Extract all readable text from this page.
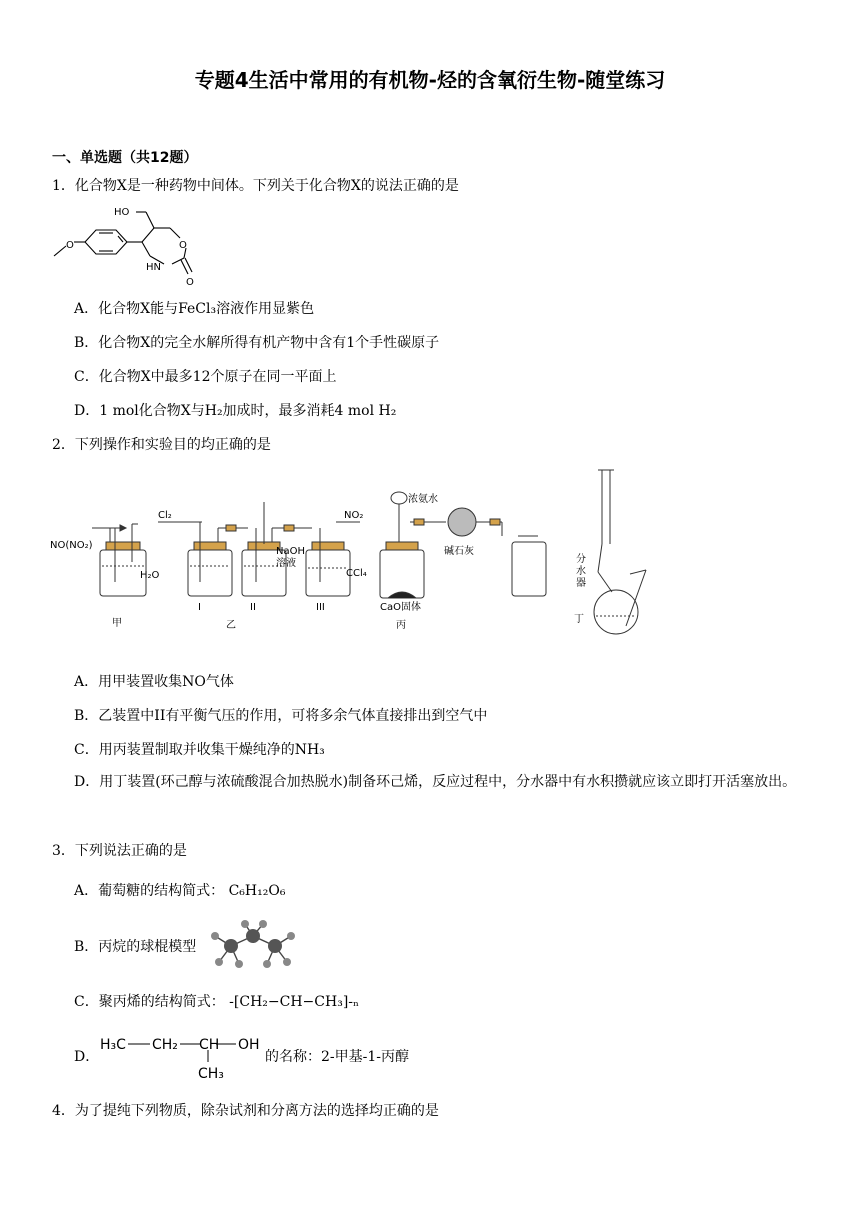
专题4生活中常用的有机物-烃的含氧衍生物-随堂练习
一、单选题（共12题）
1．化合物X是一种药物中间体。下列关于化合物X的说法正确的是
O
HO
HN
O
O
A．化合物X能与FeCl₃溶液作用显紫色
B．化合物X的完全水解所得有机产物中含有1个手性碳原子
C．化合物X中最多12个原子在同一平面上
D．1 mol化合物X与H₂加成时，最多消耗4 mol H₂
2．下列操作和实验目的均正确的是
NO(NO₂)
H₂O
甲
Cl₂	NO₂
NaOH
溶液
CCl₄
I	II	III
乙
浓氨水
碱石灰
CaO固体
丙
分
水
器
丁
A．用甲装置收集NO气体
B．乙装置中II有平衡气压的作用，可将多余气体直接排出到空气中
C．用丙装置制取并收集干燥纯净的NH₃
D．用丁装置(环己醇与浓硫酸混合加热脱水)制备环己烯，反应过程中，分水器中有水积攒就应该立即打开活塞放出。
3．下列说法正确的是
A．葡萄糖的结构简式： C₆H₁₂O₆
B．丙烷的球棍模型
C．聚丙烯的结构简式： -[CH₂−CH−CH₃]-ₙ
D．
H₃C CH₂ CH OH
CH₃
的名称：2-甲基-1-丙醇
4．为了提纯下列物质，除杂试剂和分离方法的选择均正确的是
